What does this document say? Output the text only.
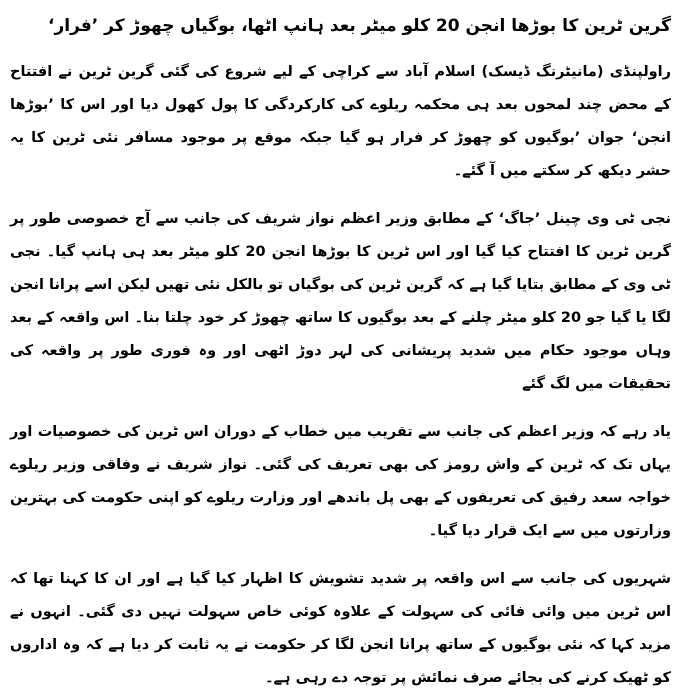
گرین ٹرین کا بوڑھا انجن 20 کلو میٹر بعد ہانپ اٹھا، بوگیاں چھوڑ کر ’فرار‘

راولپنڈی (مانیٹرنگ ڈیسک) اسلام آباد سے کراچی کے لیے شروع کی گئی گرین ٹرین نے افتتاح کے محض چند لمحوں بعد ہی محکمہ ریلوے کی کارکردگی کا پول کھول دیا اور اس کا ’بوڑھا انجن‘ جوان ’بوگیوں کو چھوڑ کر فرار ہو گیا جبکہ موقع پر موجود مسافر نئی ٹرین کا یہ حشر دیکھ کر سکتے میں آ گئے۔

نجی ٹی وی چینل ’جاگ‘ کے مطابق وزیر اعظم نواز شریف کی جانب سے آج خصوصی طور پر گرین ٹرین کا افتتاح کیا گیا اور اس ٹرین کا بوڑھا انجن 20 کلو میٹر بعد ہی ہانپ گیا۔ نجی ٹی وی کے مطابق بتایا گیا ہے کہ گرین ٹرین کی بوگیاں تو بالکل نئی تھیں لیکن اسے پرانا انجن لگا یا گیا جو 20 کلو میٹر چلنے کے بعد بوگیوں کا ساتھ چھوڑ کر خود چلتا بنا۔ اس واقعہ کے بعد وہاں موجود حکام میں شدید پریشانی کی لہر دوڑ اٹھی اور وہ فوری طور پر واقعہ کی تحقیقات میں لگ گئے

یاد رہے کہ وزیر اعظم کی جانب سے تقریب میں خطاب کے دوران اس ٹرین کی خصوصیات اور یہاں تک کہ ٹرین کے واش رومز کی بھی تعریف کی گئی۔ نواز شریف نے وفاقی وزیر ریلوے خواجہ سعد رفیق کی تعریفوں کے بھی پل باندھے اور وزارت ریلوے کو اپنی حکومت کی بہترین وزارتوں میں سے ایک قرار دیا گیا۔

شہریوں کی جانب سے اس واقعہ پر شدید تشویش کا اظہار کیا گیا ہے اور ان کا کہنا تھا کہ اس ٹرین میں وائی فائی کی سہولت کے علاوہ کوئی خاص سہولت نہیں دی گئی۔ انہوں نے مزید کہا کہ نئی بوگیوں کے ساتھ پرانا انجن لگا کر حکومت نے یہ ثابت کر دیا ہے کہ وہ اداروں کو ٹھیک کرنے کی بجائے صرف نمائش پر توجہ دے رہی ہے۔
